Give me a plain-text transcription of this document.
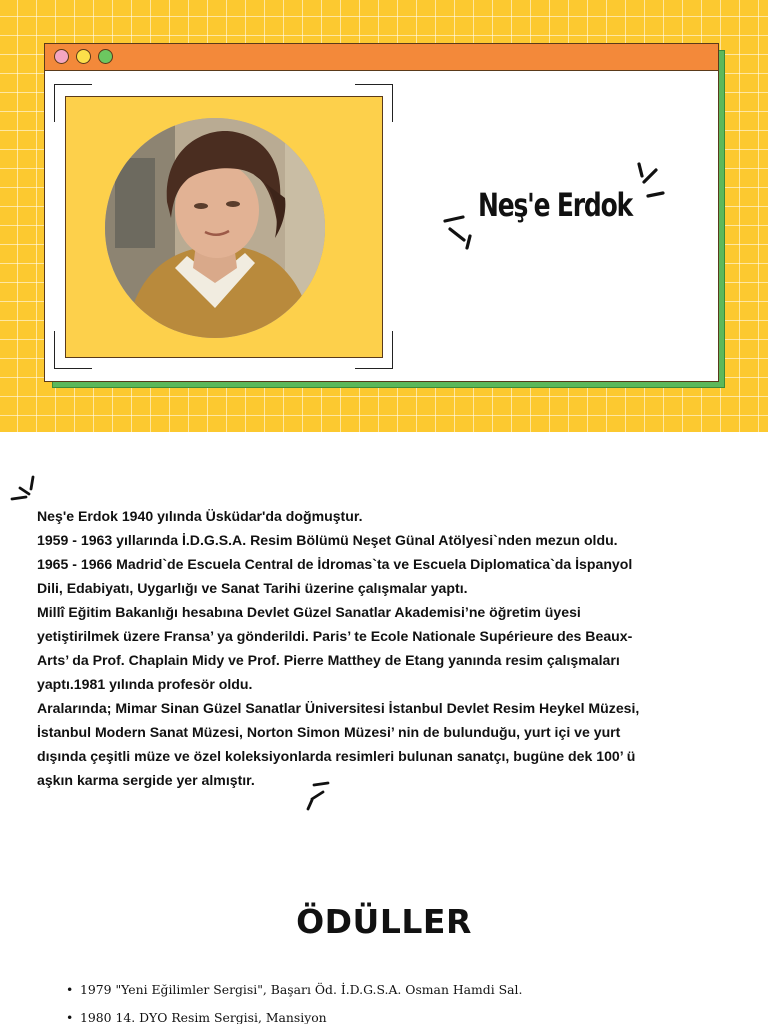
Neş'e Erdok

Neş'e Erdok 1940 yılında Üsküdar'da doğmuştur.

1959 - 1963 yıllarında İ.D.G.S.A. Resim Bölümü Neşet Günal Atölyesi`nden mezun oldu.

1965 - 1966 Madrid`de Escuela Central de İdromas`ta ve Escuela Diplomatica`da İspanyol

Dili, Edabiyatı, Uygarlığı ve Sanat Tarihi üzerine çalışmalar yaptı.

Millî Eğitim Bakanlığı hesabına Devlet Güzel Sanatlar Akademisi’ne öğretim üyesi

yetiştirilmek üzere Fransa’ ya gönderildi. Paris’ te Ecole Nationale Supérieure des Beaux-

Arts’ da Prof. Chaplain Midy ve Prof. Pierre Matthey de Etang yanında resim çalışmaları

yaptı.1981 yılında profesör oldu.

Aralarında; Mimar Sinan Güzel Sanatlar Üniversitesi İstanbul Devlet Resim Heykel Müzesi,

İstanbul Modern Sanat Müzesi, Norton Simon Müzesi’ nin de bulunduğu, yurt içi ve yurt

dışında çeşitli müze ve özel koleksiyonlarda resimleri bulunan sanatçı, bugüne dek 100’ ü

aşkın karma sergide yer almıştır.

ÖDÜLLER
• 1979 "Yeni Eğilimler Sergisi", Başarı Öd. İ.D.G.S.A. Osman Hamdi Sal.
• 1980 14. DYO Resim Sergisi, Mansiyon
